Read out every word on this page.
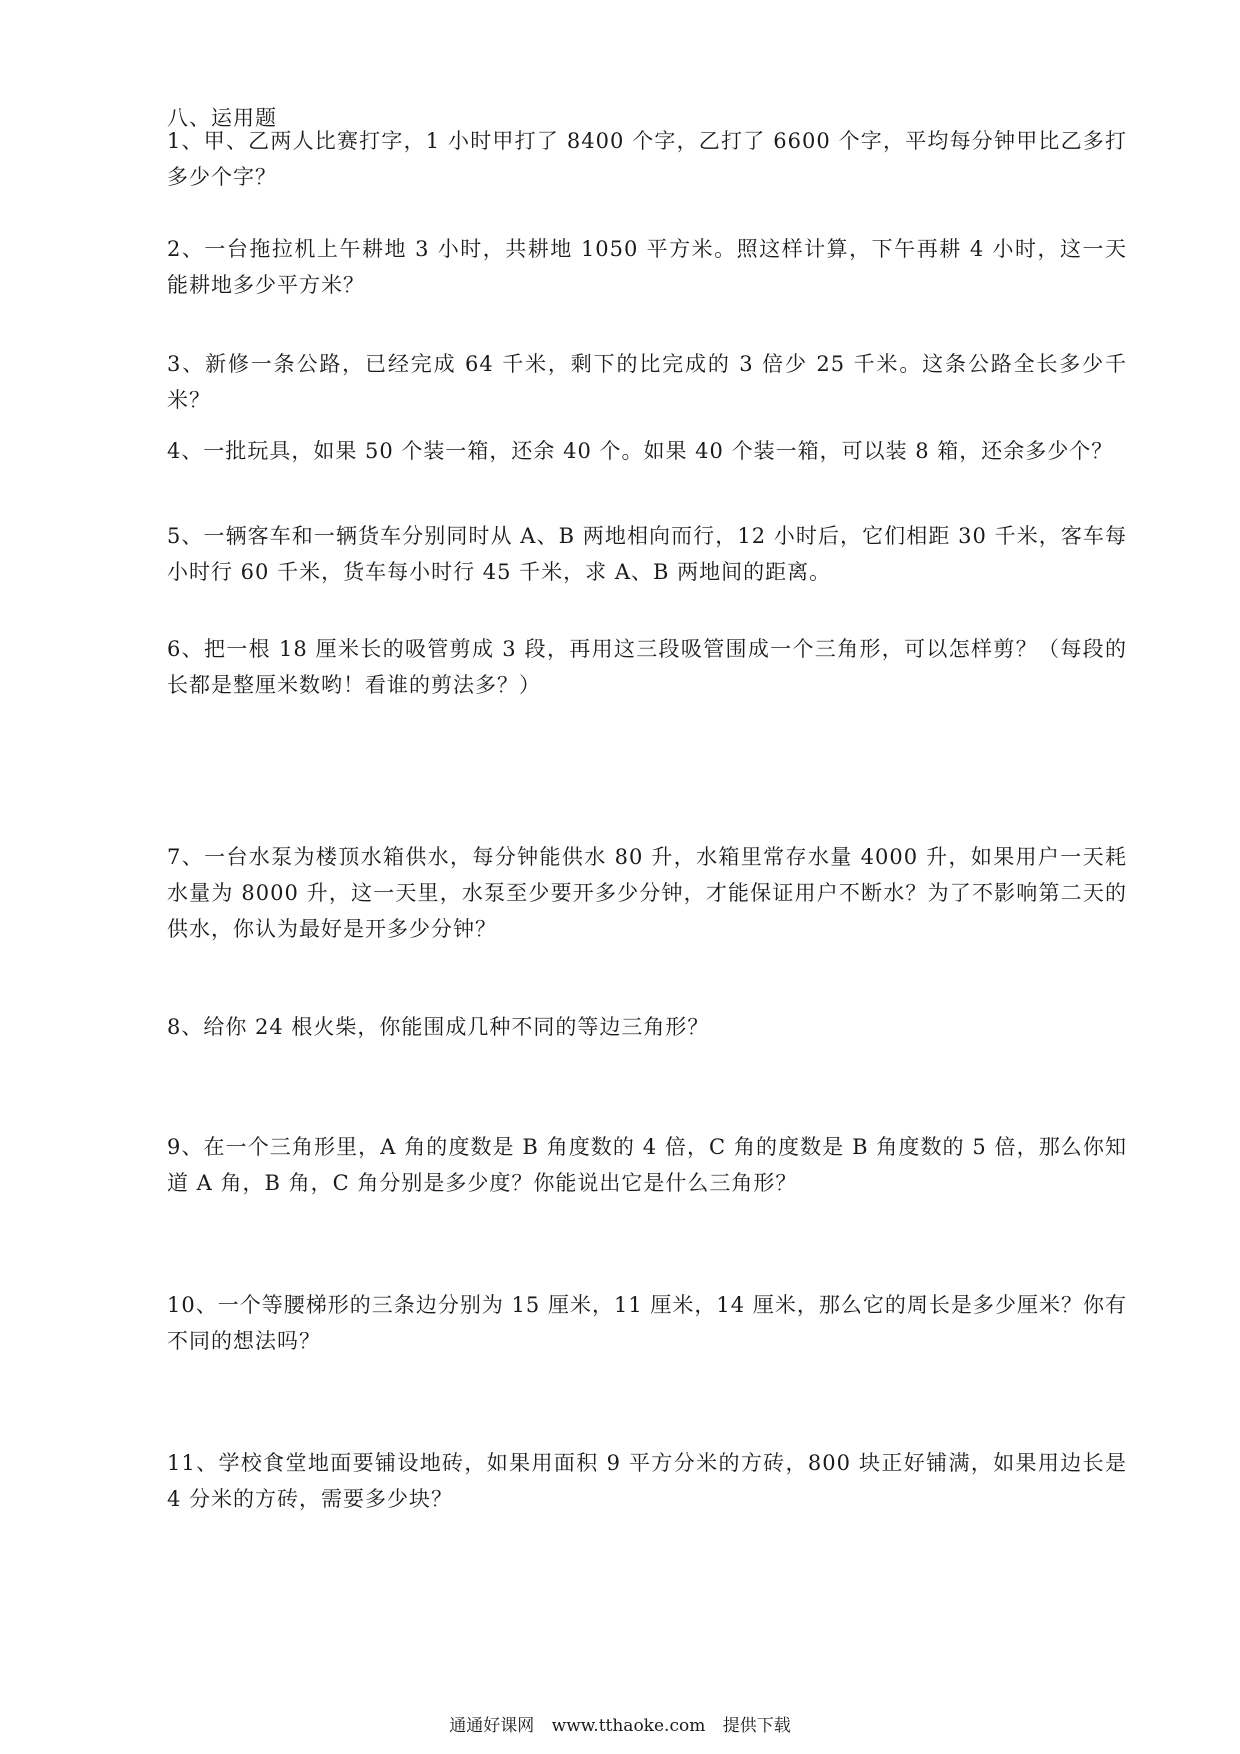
八、运用题
1、甲、乙两人比赛打字，1 小时甲打了 8400 个字，乙打了 6600 个字，平均每分钟甲比乙多打多少个字？
2、一台拖拉机上午耕地 3 小时，共耕地 1050 平方米。照这样计算，下午再耕 4 小时，这一天能耕地多少平方米？
3、新修一条公路，已经完成 64 千米，剩下的比完成的 3 倍少 25 千米。这条公路全长多少千米？
4、一批玩具，如果 50 个装一箱，还余 40 个。如果 40 个装一箱，可以装 8 箱，还余多少个？
5、一辆客车和一辆货车分别同时从 A、B 两地相向而行，12 小时后，它们相距 30 千米，客车每小时行 60 千米，货车每小时行 45 千米，求 A、B 两地间的距离。
6、把一根 18 厘米长的吸管剪成 3 段，再用这三段吸管围成一个三角形，可以怎样剪？（每段的长都是整厘米数哟！看谁的剪法多？）
7、一台水泵为楼顶水箱供水，每分钟能供水 80 升，水箱里常存水量 4000 升，如果用户一天耗水量为 8000 升，这一天里，水泵至少要开多少分钟，才能保证用户不断水？为了不影响第二天的供水，你认为最好是开多少分钟？
8、给你 24 根火柴，你能围成几种不同的等边三角形？
9、在一个三角形里，A 角的度数是 B 角度数的 4 倍，C 角的度数是 B 角度数的 5 倍，那么你知道 A 角，B 角，C 角分别是多少度？你能说出它是什么三角形？
10、一个等腰梯形的三条边分别为 15 厘米，11 厘米，14 厘米，那么它的周长是多少厘米？你有不同的想法吗？
11、学校食堂地面要铺设地砖，如果用面积 9 平方分米的方砖，800 块正好铺满，如果用边长是 4 分米的方砖，需要多少块？
通通好课网 www.tthaoke.com 提供下载
